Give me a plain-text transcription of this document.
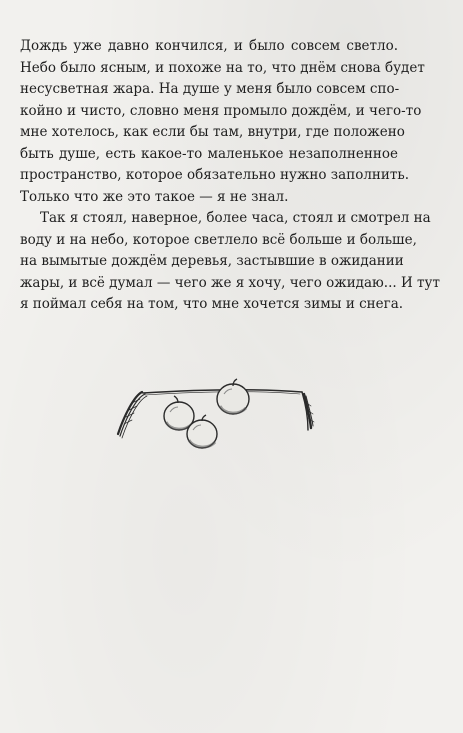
Дождь уже давно кончился, и было совсем светло.
Небо было ясным, и похоже на то, что днём снова будет
несусветная жара. На душе у меня было совсем спо-
койно и чисто, словно меня промыло дождём, и чего-то
мне хотелось, как если бы там, внутри, где положено
быть душе, есть какое-то маленькое незаполненное
пространство, которое обязательно нужно заполнить.
Только что же это такое — я не знал.

Так я стоял, наверное, более часа, стоял и смотрел на
воду и на небо, которое светлело всё больше и больше,
на вымытые дождём деревья, застывшие в ожидании
жары, и всё думал — чего же я хочу, чего ожидаю... И тут
я поймал себя на том, что мне хочется зимы и снега.
